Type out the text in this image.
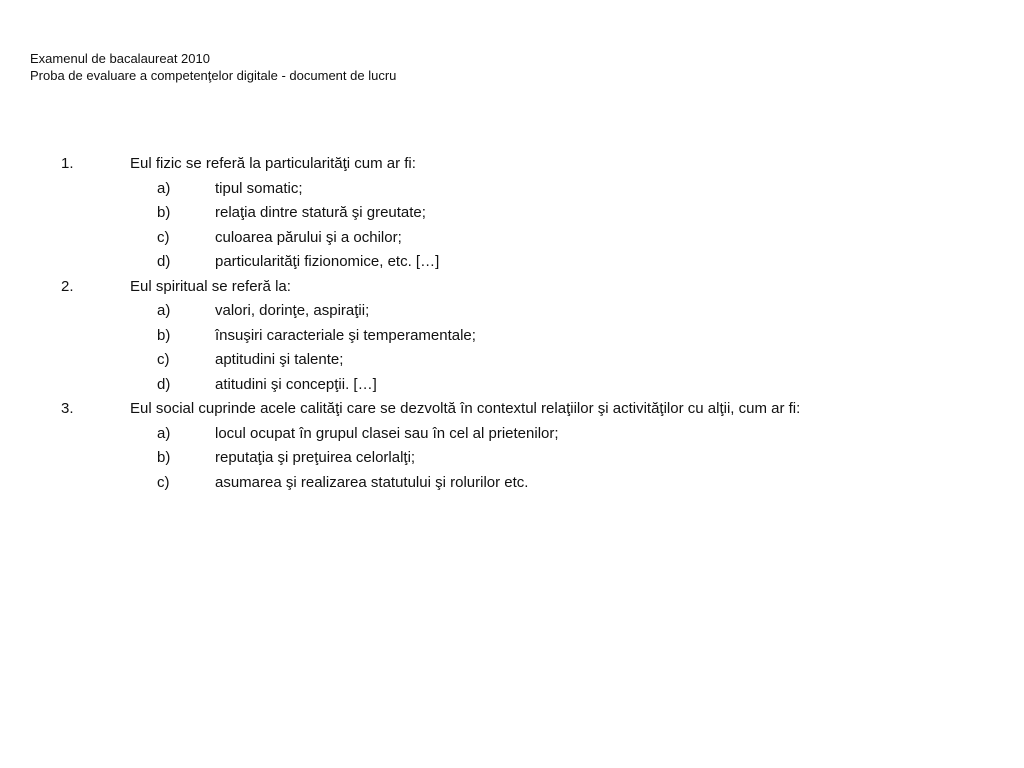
Examenul de bacalaureat 2010
Proba de evaluare a competenţelor digitale - document de lucru
1.	Eul fizic se referă la particularităţi cum ar fi:
a)	tipul somatic;
b)	relaţia dintre statură şi greutate;
c)	culoarea părului şi a ochilor;
d)	particularităţi fizionomice, etc. […]
2.	Eul spiritual se referă la:
a)	valori, dorinţe, aspiraţii;
b)	însuşiri caracteriale şi temperamentale;
c)	aptitudini şi talente;
d)	atitudini şi concepţii. […]
3.	Eul social cuprinde acele calităţi care se dezvoltă în contextul relaţiilor şi activităţilor cu alţii, cum ar fi:
a)	locul ocupat în grupul clasei sau în cel al prietenilor;
b)	reputaţia şi preţuirea celorlalţi;
c)	asumarea şi realizarea statutului şi rolurilor etc.
